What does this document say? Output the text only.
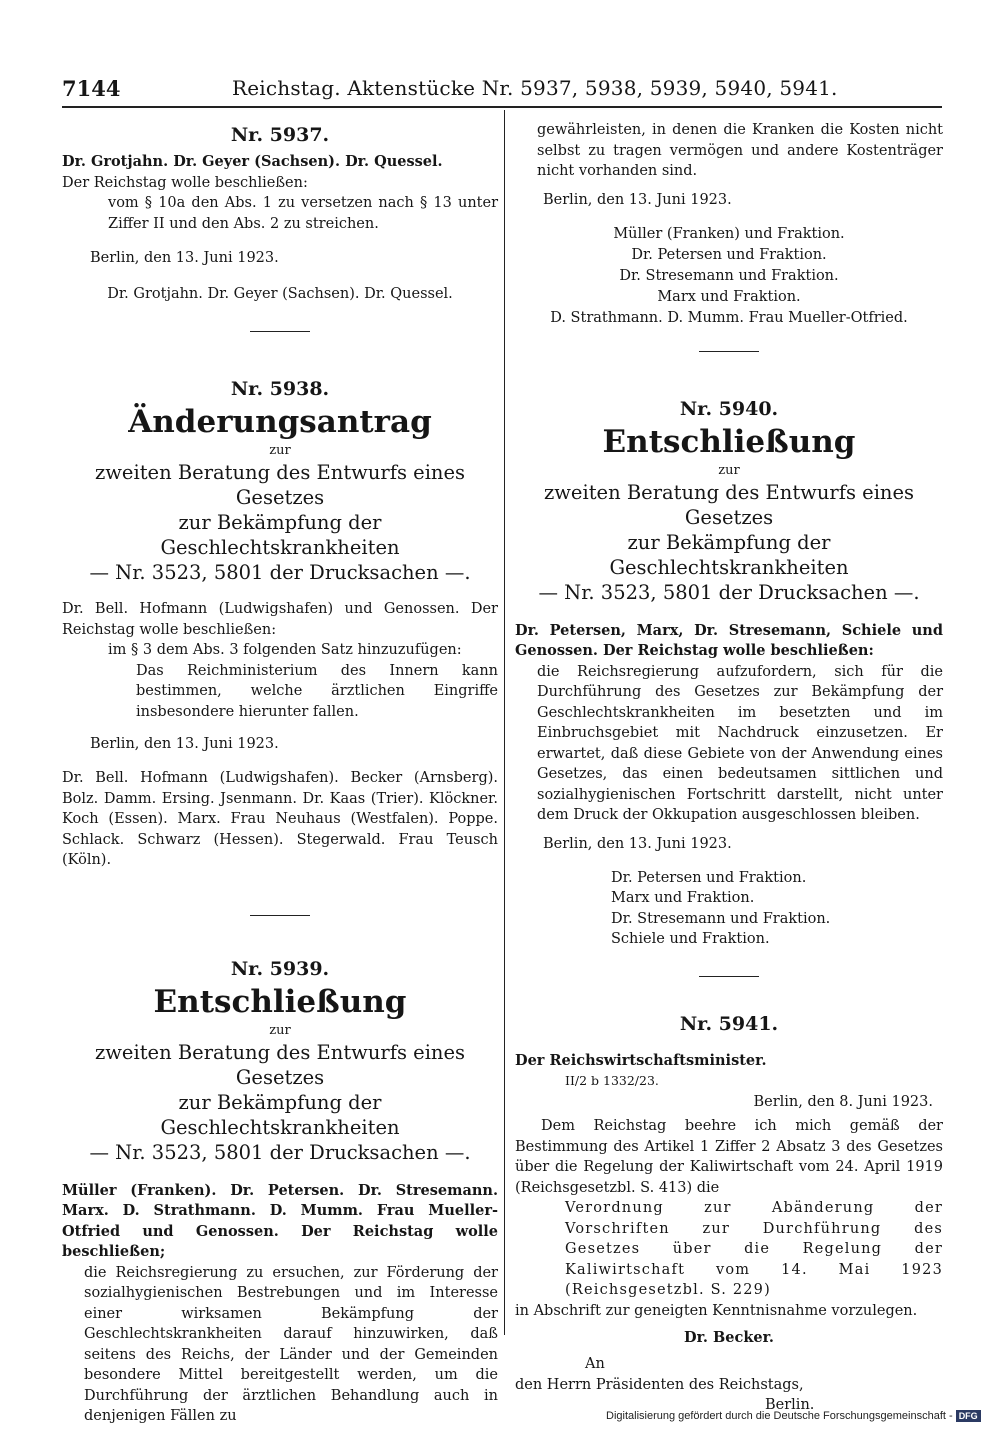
7144	Reichstag. Aktenstücke Nr. 5937, 5938, 5939, 5940, 5941.

Nr. 5937.

Dr. Grotjahn. Dr. Geyer (Sachsen). Dr. Quessel.

Der Reichstag wolle beschließen:

vom § 10a den Abs. 1 zu versetzen nach § 13 unter Ziffer II und den Abs. 2 zu streichen.

Berlin, den 13. Juni 1923.

Dr. Grotjahn. Dr. Geyer (Sachsen). Dr. Quessel.

Nr. 5938.

Änderungsantrag

zur

zweiten Beratung des Entwurfs eines Gesetzes

zur Bekämpfung der Geschlechtskrankheiten

— Nr. 3523, 5801 der Drucksachen —.

Dr. Bell. Hofmann (Ludwigshafen) und Genossen. Der Reichstag wolle beschließen:

im § 3 dem Abs. 3 folgenden Satz hinzuzufügen:

Das Reichministerium des Innern kann bestimmen, welche ärztlichen Eingriffe insbesondere hierunter fallen.

Berlin, den 13. Juni 1923.

Dr. Bell. Hofmann (Ludwigshafen). Becker (Arnsberg). Bolz. Damm. Ersing. Jsenmann. Dr. Kaas (Trier). Klöckner. Koch (Essen). Marx. Frau Neuhaus (Westfalen). Poppe. Schlack. Schwarz (Hessen). Stegerwald. Frau Teusch (Köln).

Nr. 5939.

Entschließung

zur

zweiten Beratung des Entwurfs eines Gesetzes

zur Bekämpfung der Geschlechtskrankheiten

— Nr. 3523, 5801 der Drucksachen —.

Müller (Franken). Dr. Petersen. Dr. Stresemann. Marx. D. Strathmann. D. Mumm. Frau Mueller-Otfried und Genossen. Der Reichstag wolle beschließen;

die Reichsregierung zu ersuchen, zur Förderung der sozialhygienischen Bestrebungen und im Interesse einer wirksamen Bekämpfung der Geschlechtskrankheiten darauf hinzuwirken, daß seitens des Reichs, der Länder und der Gemeinden besondere Mittel bereitgestellt werden, um die Durchführung der ärztlichen Behandlung auch in denjenigen Fällen zu

gewährleisten, in denen die Kranken die Kosten nicht selbst zu tragen vermögen und andere Kostenträger nicht vorhanden sind.

Berlin, den 13. Juni 1923.

Müller (Franken) und Fraktion.

Dr. Petersen und Fraktion.

Dr. Stresemann und Fraktion.

Marx und Fraktion.

D. Strathmann. D. Mumm. Frau Mueller-Otfried.

Nr. 5940.

Entschließung

zur

zweiten Beratung des Entwurfs eines Gesetzes

zur Bekämpfung der Geschlechtskrankheiten

— Nr. 3523, 5801 der Drucksachen —.

Dr. Petersen, Marx, Dr. Stresemann, Schiele und Genossen. Der Reichstag wolle beschließen:

die Reichsregierung aufzufordern, sich für die Durchführung des Gesetzes zur Bekämpfung der Geschlechtskrankheiten im besetzten und im Einbruchsgebiet mit Nachdruck einzusetzen. Er erwartet, daß diese Gebiete von der Anwendung eines Gesetzes, das einen bedeutsamen sittlichen und sozialhygienischen Fortschritt darstellt, nicht unter dem Druck der Okkupation ausgeschlossen bleiben.

Berlin, den 13. Juni 1923.

Dr. Petersen und Fraktion.

Marx und Fraktion.

Dr. Stresemann und Fraktion.

Schiele und Fraktion.

Nr. 5941.

Der Reichswirtschaftsminister.

II/2 b 1332/23.

Berlin, den 8. Juni 1923.

Dem Reichstag beehre ich mich gemäß der Bestimmung des Artikel 1 Ziffer 2 Absatz 3 des Gesetzes über die Regelung der Kaliwirtschaft vom 24. April 1919 (Reichsgesetzbl. S. 413) die

Verordnung zur Abänderung der Vorschriften zur Durchführung des Gesetzes über die Regelung der Kaliwirtschaft vom 14. Mai 1923 (Reichsgesetzbl. S. 229)

in Abschrift zur geneigten Kenntnisnahme vorzulegen.

Dr. Becker.

An

den Herrn Präsidenten des Reichstags,

Berlin.

Digitalisierung gefördert durch die Deutsche Forschungsgemeinschaft - DFG
